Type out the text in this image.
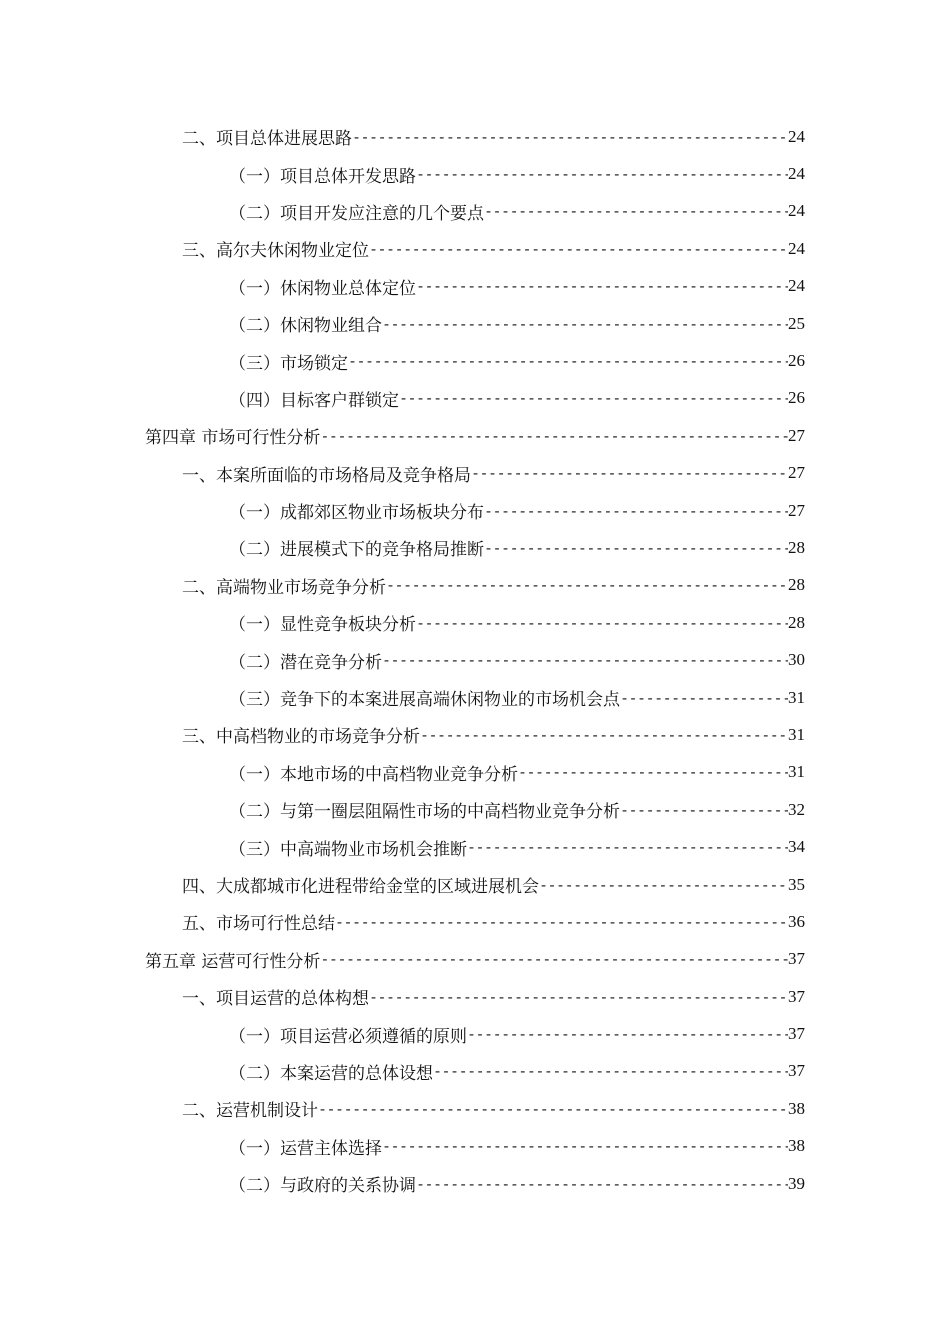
二、项目总体进展思路 -----	24
（一）项目总体开发思路 -----	24
（二）项目开发应注意的几个要点 -----	24
三、高尔夫休闲物业定位 -----	24
（一）休闲物业总体定位 -----	24
（二）休闲物业组合 -----	25
（三）市场锁定 -----	26
（四）目标客户群锁定 -----	26
第四章 市场可行性分析 -----	27
一、本案所面临的市场格局及竞争格局 -----	27
（一）成都郊区物业市场板块分布 -----	27
（二）进展模式下的竞争格局推断 -----	28
二、高端物业市场竞争分析 -----	28
（一）显性竞争板块分析 -----	28
（二）潜在竞争分析 -----	30
（三）竞争下的本案进展高端休闲物业的市场机会点 -----	31
三、中高档物业的市场竞争分析 -----	31
（一）本地市场的中高档物业竞争分析 -----	31
（二）与第一圈层阻隔性市场的中高档物业竞争分析 -----	32
（三）中高端物业市场机会推断 -----	34
四、大成都城市化进程带给金堂的区域进展机会 -----	35
五、市场可行性总结 -----	36
第五章 运营可行性分析 -----	37
一、项目运营的总体构想 -----	37
（一）项目运营必须遵循的原则 -----	37
（二）本案运营的总体设想 -----	37
二、运营机制设计 -----	38
（一）运营主体选择 -----	38
（二）与政府的关系协调 -----	39
